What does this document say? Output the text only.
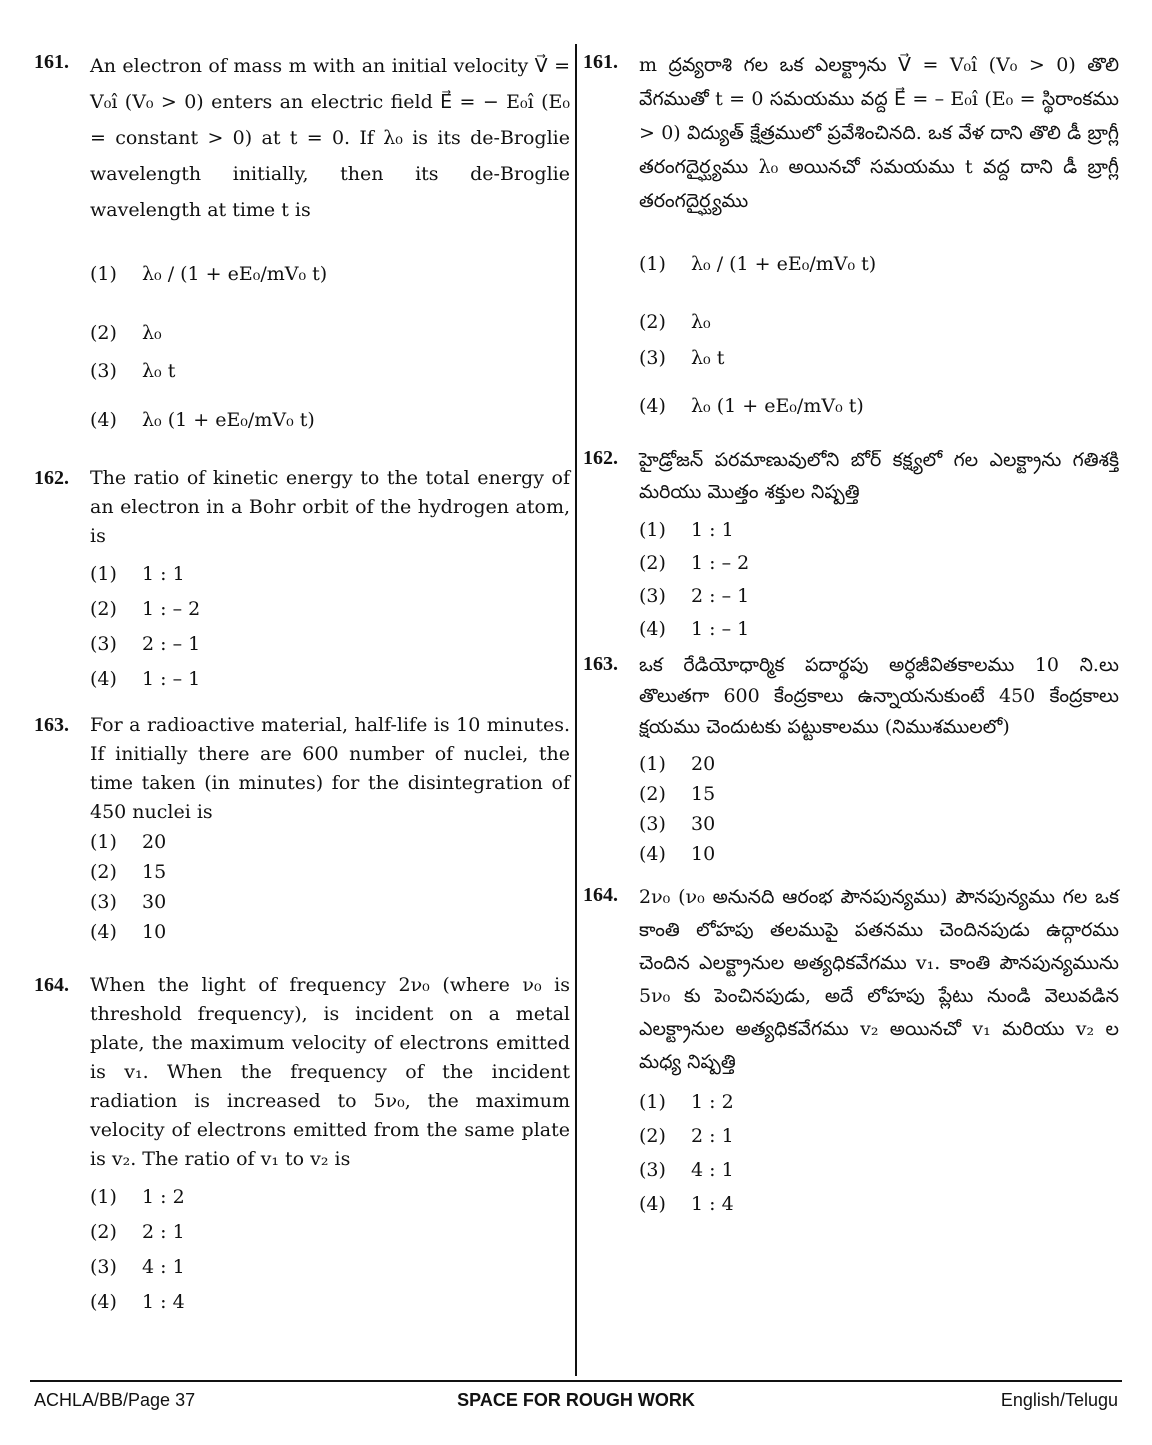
161. An electron of mass m with an initial velocity V⃗ = V₀î (V₀ > 0) enters an electric field E⃗ = − E₀î (E₀ = constant > 0) at t = 0. If λ₀ is its de-Broglie wavelength initially, then its de-Broglie wavelength at time t is
(1)	λ₀ / (1 + eE₀/mV₀ t)
(2)	λ₀
(3)	λ₀ t
(4)	λ₀ (1 + eE₀/mV₀ t)
162. The ratio of kinetic energy to the total energy of an electron in a Bohr orbit of the hydrogen atom, is
(1)	1 : 1
(2)	1 : – 2
(3)	2 : – 1
(4)	1 : – 1
163. For a radioactive material, half-life is 10 minutes. If initially there are 600 number of nuclei, the time taken (in minutes) for the disintegration of 450 nuclei is
(1)	20
(2)	15
(3)	30
(4)	10
164. When the light of frequency 2ν₀ (where ν₀ is threshold frequency), is incident on a metal plate, the maximum velocity of electrons emitted is v₁. When the frequency of the incident radiation is increased to 5ν₀, the maximum velocity of electrons emitted from the same plate is v₂. The ratio of v₁ to v₂ is
(1)	1 : 2
(2)	2 : 1
(3)	4 : 1
(4)	1 : 4
161. m ద్రవ్యరాశి గల ఒక ఎలక్ట్రాను V⃗ = V₀î (V₀ > 0) తొలి వేగముతో t = 0 సమయము వద్ద E⃗ = – E₀î (E₀ = స్థిరాంకము > 0) విద్యుత్ క్షేత్రములో ప్రవేశించినది. ఒక వేళ దాని తొలి డీ బ్రాగ్లీ తరంగదైర్ఘ్యము λ₀ అయినచో సమయము t వద్ద దాని డీ బ్రాగ్లీ తరంగదైర్ఘ్యము
(1)	λ₀ / (1 + eE₀/mV₀ t)
(2)	λ₀
(3)	λ₀ t
(4)	λ₀ (1 + eE₀/mV₀ t)
162. హైడ్రోజన్ పరమాణువులోని బోర్ కక్ష్యలో గల ఎలక్ట్రాను గతిశక్తి మరియు మొత్తం శక్తుల నిష్పత్తి
(1)	1 : 1
(2)	1 : – 2
(3)	2 : – 1
(4)	1 : – 1
163. ఒక రేడియోధార్మిక పదార్థపు అర్ధజీవితకాలము 10 ని.లు తొలుతగా 600 కేంద్రకాలు ఉన్నాయనుకుంటే 450 కేంద్రకాలు క్షయము చెందుటకు పట్టుకాలము (నిముశములలో)
(1)	20
(2)	15
(3)	30
(4)	10
164. 2ν₀ (ν₀ అనునది ఆరంభ పౌనపున్యము) పౌనపున్యము గల ఒక కాంతి లోహపు తలముపై పతనము చెందినపుడు ఉద్గారము చెందిన ఎలక్ట్రానుల అత్యధికవేగము v₁. కాంతి పౌనపున్యమును 5ν₀ కు పెంచినపుడు, అదే లోహపు ప్లేటు నుండి వెలువడిన ఎలక్ట్రానుల అత్యధికవేగము v₂ అయినచో v₁ మరియు v₂ ల మధ్య నిష్పత్తి
(1)	1 : 2
(2)	2 : 1
(3)	4 : 1
(4)	1 : 4
ACHLA/BB/Page 37	SPACE FOR ROUGH WORK	English/Telugu
